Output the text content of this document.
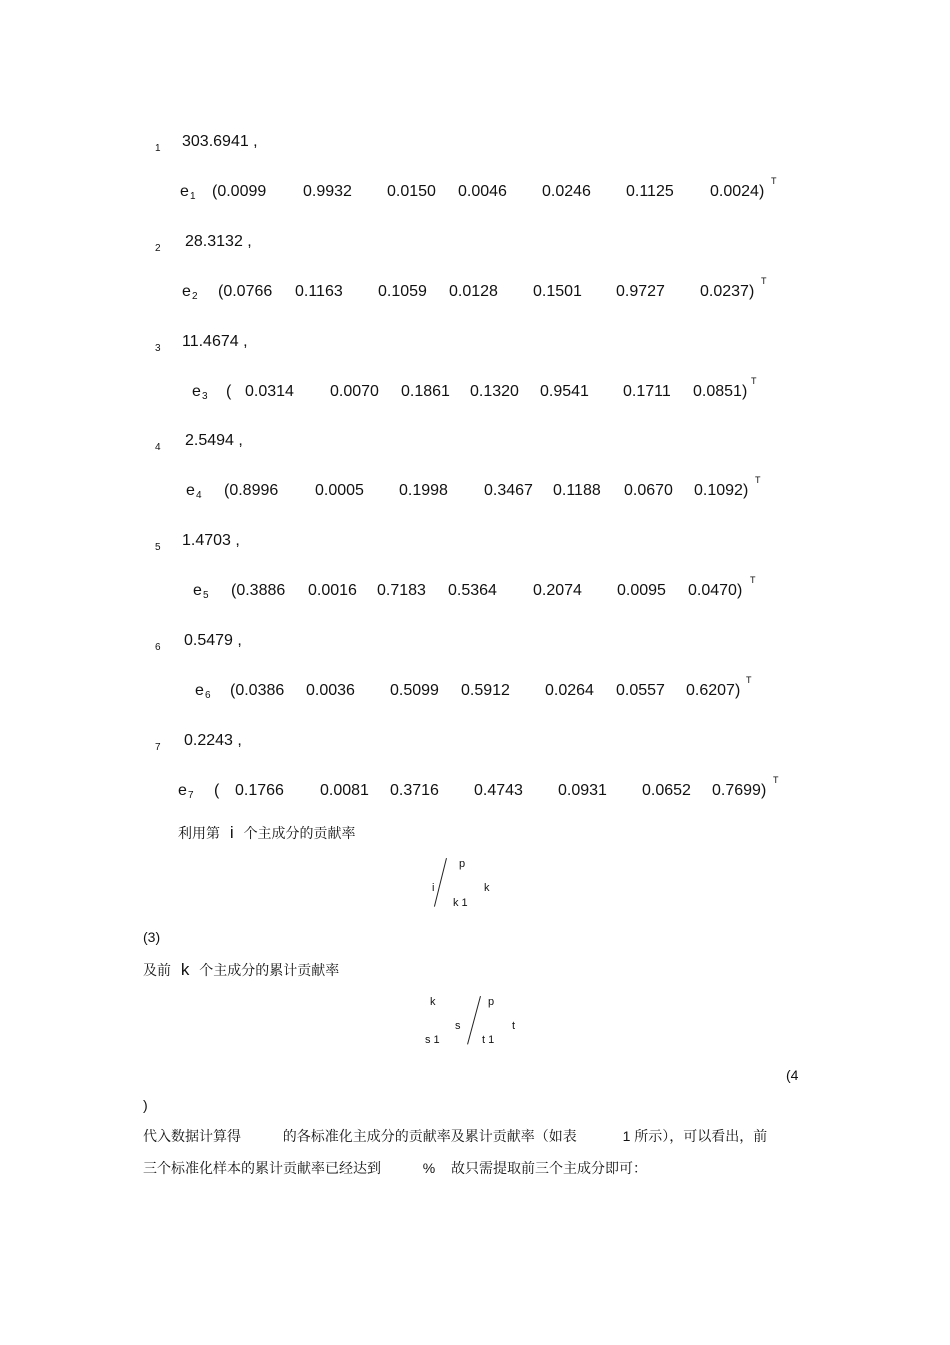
1 303.6941 ,
e 1 (0.0099 0.9932 0.0150 0.0046 0.0246 0.1125 0.0024)
T
2 28.3132 ,
e 2 (0.0766 0.1163 0.1059 0.0128 0.1501 0.9727 0.0237)
T
3 11.4674 ,
e 3 ( 0.0314 0.0070 0.1861 0.1320 0.9541 0.1711 0.0851)
T
4 2.5494 ,
e 4 (0.8996 0.0005 0.1998 0.3467 0.1188 0.0670 0.1092)
T
5 1.4703 ,
e 5 (0.3886 0.0016 0.7183 0.5364 0.2074 0.0095 0.0470)
T
6 0.5479 ,
e 6 (0.0386 0.0036 0.5099 0.5912 0.0264 0.0557 0.6207)
T
7 0.2243 ,
e 7 ( 0.1766 0.0081 0.3716 0.4743 0.0931 0.0652 0.7699)
T
利用第 i 个主成分的贡献率
p
i	k
k 1
(3)
及前 k 个主成分的累计贡献率
k	p
s	t
s 1	t 1
(4
)
代入数据计算得	的各标准化主成分的贡献率及累计贡献率（如表	1 所示），可以看出，前
三个标准化样本的累计贡献率已经达到	% 故只需提取前三个主成分即可：
